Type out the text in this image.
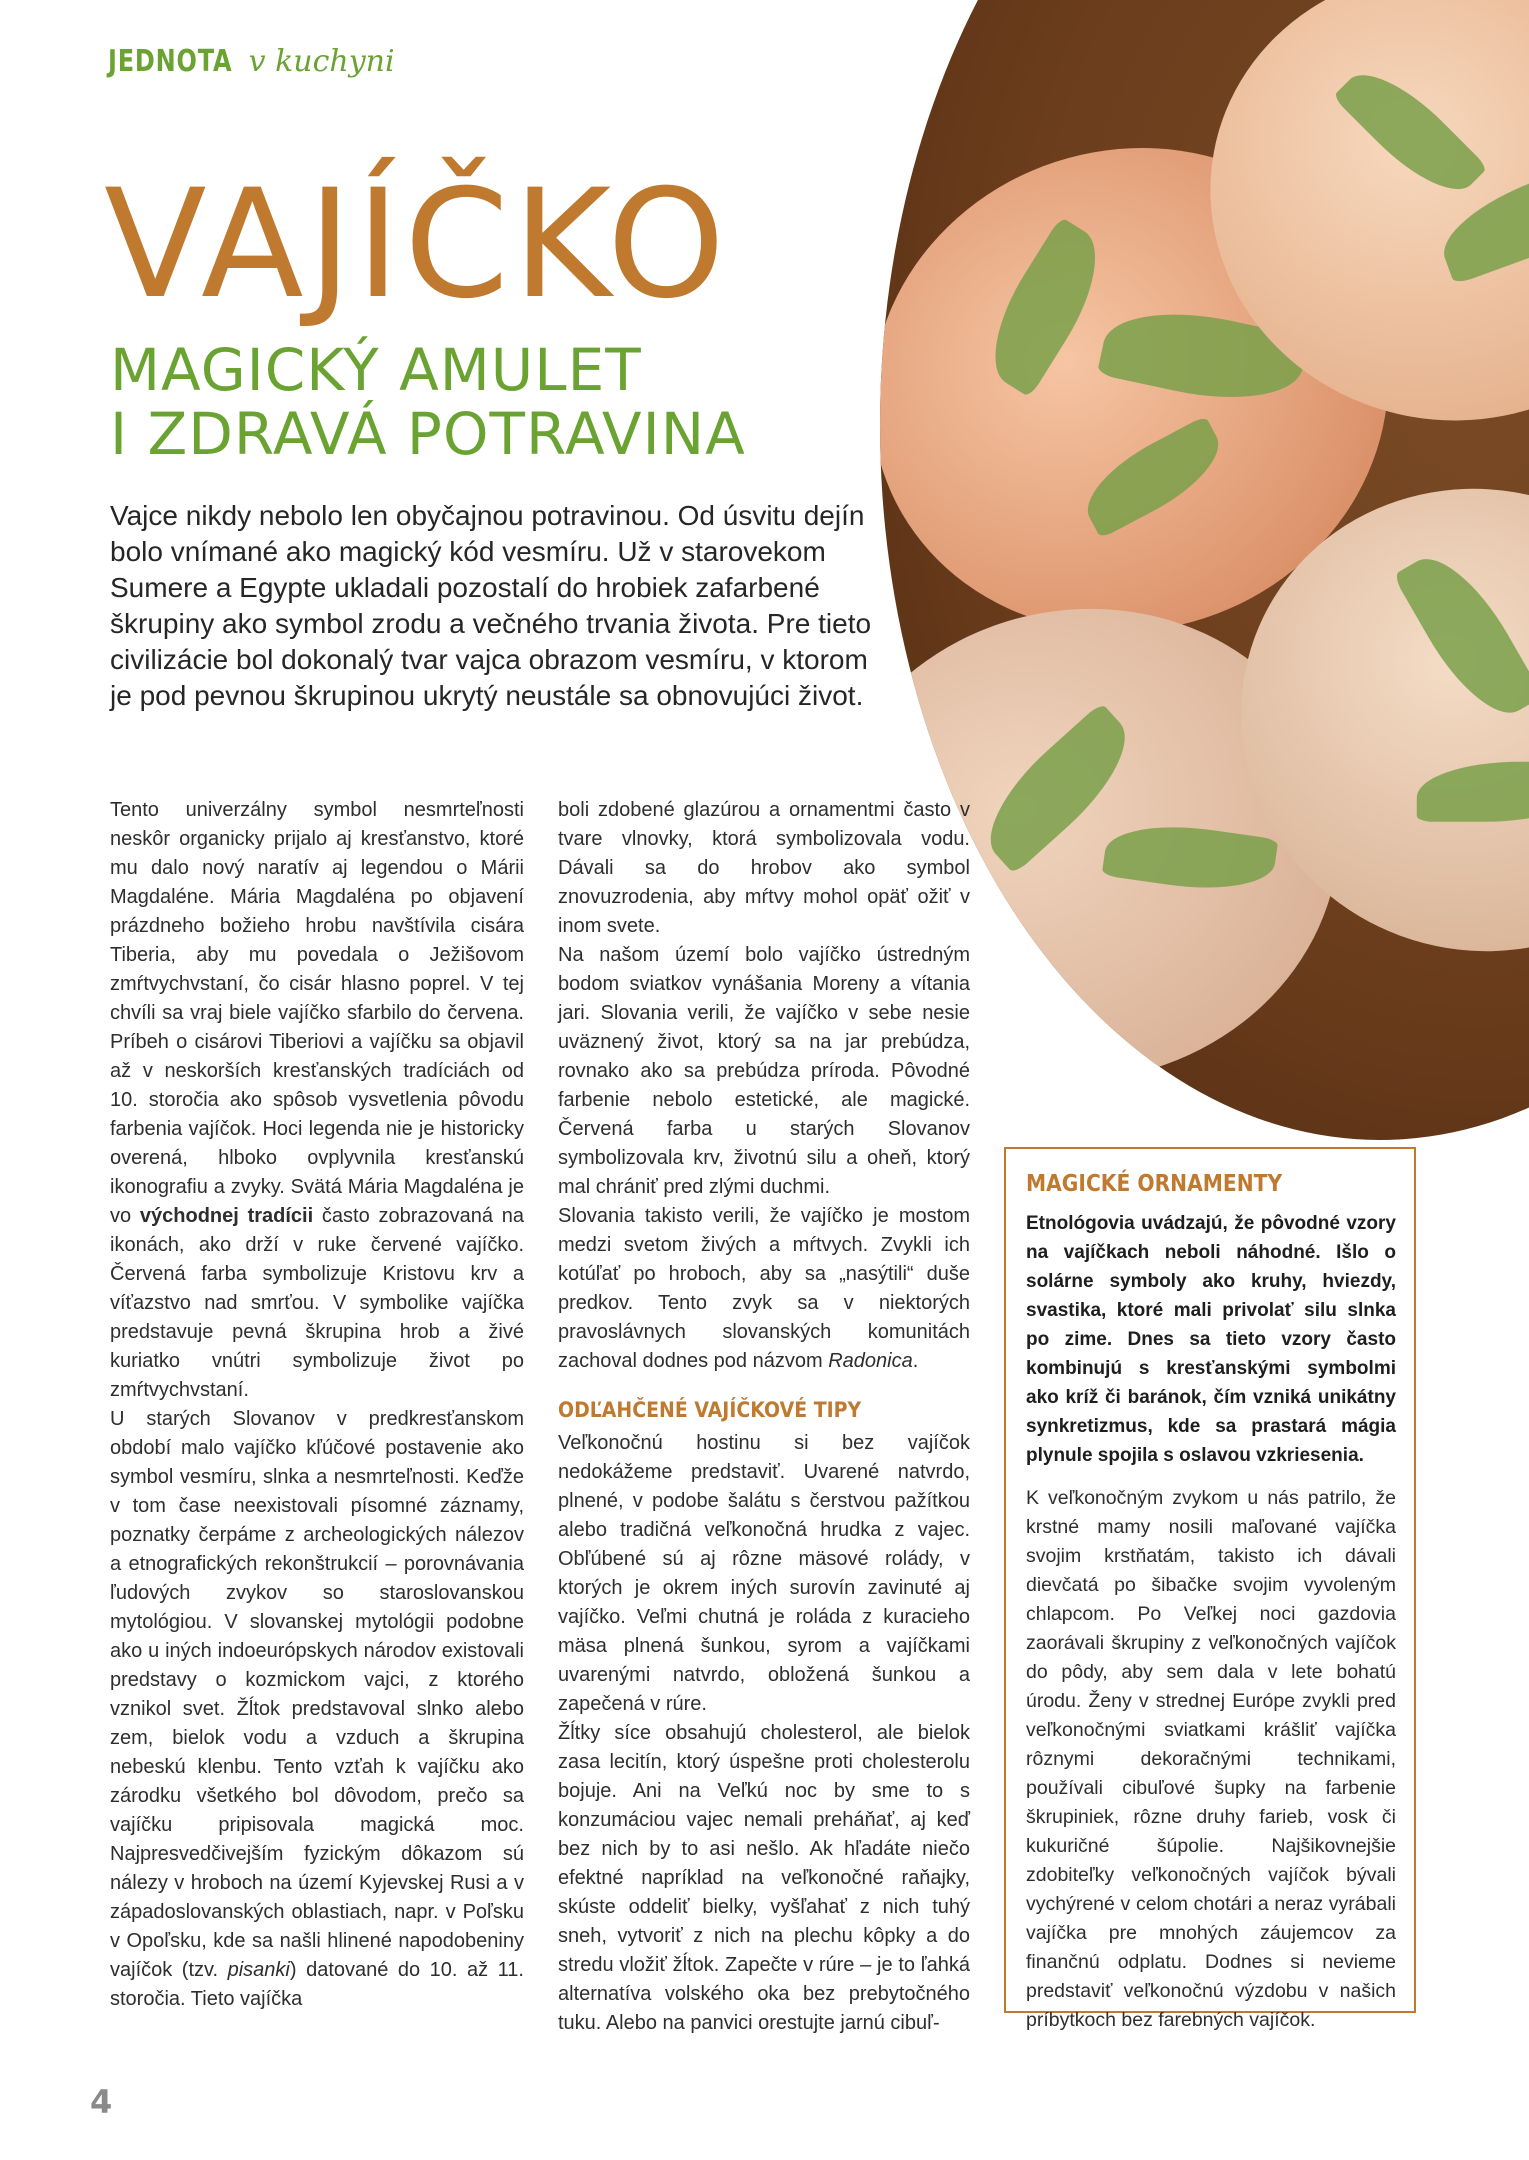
JEDNOTA v kuchyni
VAJÍČKO
MAGICKÝ AMULET
I ZDRAVÁ POTRAVINA
Vajce nikdy nebolo len obyčajnou potravinou. Od úsvitu dejín bolo vnímané ako magický kód vesmíru. Už v starovekom Sumere a Egypte ukladali pozostalí do hrobiek zafarbené škrupiny ako symbol zrodu a večného trvania života. Pre tieto civilizácie bol dokonalý tvar vajca obrazom vesmíru, v ktorom je pod pevnou škrupinou ukrytý neustále sa obnovujúci život.

Tento univerzálny symbol nesmrteľnosti neskôr organicky prijalo aj kresťanstvo, ktoré mu dalo nový naratív aj legendou o Márii Magdaléne. Mária Magdaléna po objavení prázdneho božieho hrobu navštívila cisára Tiberia, aby mu povedala o Ježišovom zmŕtvychvstaní, čo cisár hlasno poprel. V tej chvíli sa vraj biele vajíčko sfarbilo do červena. Príbeh o cisárovi Tiberiovi a vajíčku sa objavil až v neskorších kresťanských tradíciách od 10. storočia ako spôsob vysvetlenia pôvodu farbenia vajíčok. Hoci legenda nie je historicky overená, hlboko ovplyvnila kresťanskú ikonografiu a zvyky. Svätá Mária Magdaléna je vo východnej tradícii často zobrazovaná na ikonách, ako drží v ruke červené vajíčko. Červená farba symbolizuje Kristovu krv a víťazstvo nad smrťou. V symbolike vajíčka predstavuje pevná škrupina hrob a živé kuriatko vnútri symbolizuje život po zmŕtvychvstaní.

U starých Slovanov v predkresťanskom období malo vajíčko kľúčové postavenie ako symbol vesmíru, slnka a nesmrteľnosti. Keďže v tom čase neexistovali písomné záznamy, poznatky čerpáme z archeologických nálezov a etnografických rekonštrukcií – porovnávania ľudových zvykov so staroslovanskou mytológiou. V slovanskej mytológii podobne ako u iných indoeurópskych národov existovali predstavy o kozmickom vajci, z ktorého vznikol svet. Žĺtok predstavoval slnko alebo zem, bielok vodu a vzduch a škrupina nebeskú klenbu. Tento vzťah k vajíčku ako zárodku všetkého bol dôvodom, prečo sa vajíčku pripisovala magická moc. Najpresvedčivejším fyzickým dôkazom sú nálezy v hroboch na území Kyjevskej Rusi a v západoslovanských oblastiach, napr. v Poľsku v Opoľsku, kde sa našli hlinené napodobeniny vajíčok (tzv. pisanki) datované do 10. až 11. storočia. Tieto vajíčka

boli zdobené glazúrou a ornamentmi často v tvare vlnovky, ktorá symbolizovala vodu. Dávali sa do hrobov ako symbol znovuzrodenia, aby mŕtvy mohol opäť ožiť v inom svete.

Na našom území bolo vajíčko ústredným bodom sviatkov vynášania Moreny a vítania jari. Slovania verili, že vajíčko v sebe nesie uväznený život, ktorý sa na jar prebúdza, rovnako ako sa prebúdza príroda. Pôvodné farbenie nebolo estetické, ale magické. Červená farba u starých Slovanov symbolizovala krv, životnú silu a oheň, ktorý mal chrániť pred zlými duchmi.

Slovania takisto verili, že vajíčko je mostom medzi svetom živých a mŕtvych. Zvykli ich kotúľať po hroboch, aby sa „nasýtili“ duše predkov. Tento zvyk sa v niektorých pravoslávnych slovanských komunitách zachoval dodnes pod názvom Radonica.

ODĽAHČENÉ VAJÍČKOVÉ TIPY

Veľkonočnú hostinu si bez vajíčok nedokážeme predstaviť. Uvarené natvrdo, plnené, v podobe šalátu s čerstvou pažítkou alebo tradičná veľkonočná hrudka z vajec. Obľúbené sú aj rôzne mäsové rolády, v ktorých je okrem iných surovín zavinuté aj vajíčko. Veľmi chutná je roláda z kuracieho mäsa plnená šunkou, syrom a vajíčkami uvarenými natvrdo, obložená šunkou a zapečená v rúre.

Žĺtky síce obsahujú cholesterol, ale bielok zasa lecitín, ktorý úspešne proti cholesterolu bojuje. Ani na Veľkú noc by sme to s konzumáciou vajec nemali preháňať, aj keď bez nich by to asi nešlo. Ak hľadáte niečo efektné napríklad na veľkonočné raňajky, skúste oddeliť bielky, vyšľahať z nich tuhý sneh, vytvoriť z nich na plechu kôpky a do stredu vložiť žĺtok. Zapečte v rúre – je to ľahká alternatíva volského oka bez prebytočného tuku. Alebo na panvici orestujte jarnú cibuľ-

MAGICKÉ ORNAMENTY

Etnológovia uvádzajú, že pôvodné vzory na vajíčkach neboli náhodné. Išlo o solárne symboly ako kruhy, hviezdy, svastika, ktoré mali privolať silu slnka po zime. Dnes sa tieto vzory často kombinujú s kresťanskými symbolmi ako kríž či baránok, čím vzniká unikátny synkretizmus, kde sa prastará mágia plynule spojila s oslavou vzkriesenia.

K veľkonočným zvykom u nás patrilo, že krstné mamy nosili maľované vajíčka svojim krstňatám, takisto ich dávali dievčatá po šibačke svojim vyvoleným chlapcom. Po Veľkej noci gazdovia zaorávali škrupiny z veľkonočných vajíčok do pôdy, aby sem dala v lete bohatú úrodu. Ženy v strednej Európe zvykli pred veľkonočnými sviatkami krášliť vajíčka rôznymi dekoračnými technikami, používali cibuľové šupky na farbenie škrupiniek, rôzne druhy farieb, vosk či kukuričné šúpolie. Najšikovnejšie zdobiteľky veľkonočných vajíčok bývali vychýrené v celom chotári a neraz vyrábali vajíčka pre mnohých záujemcov za finančnú odplatu. Dodnes si nevieme predstaviť veľkonočnú výzdobu v našich príbytkoch bez farebných vajíčok.

4
